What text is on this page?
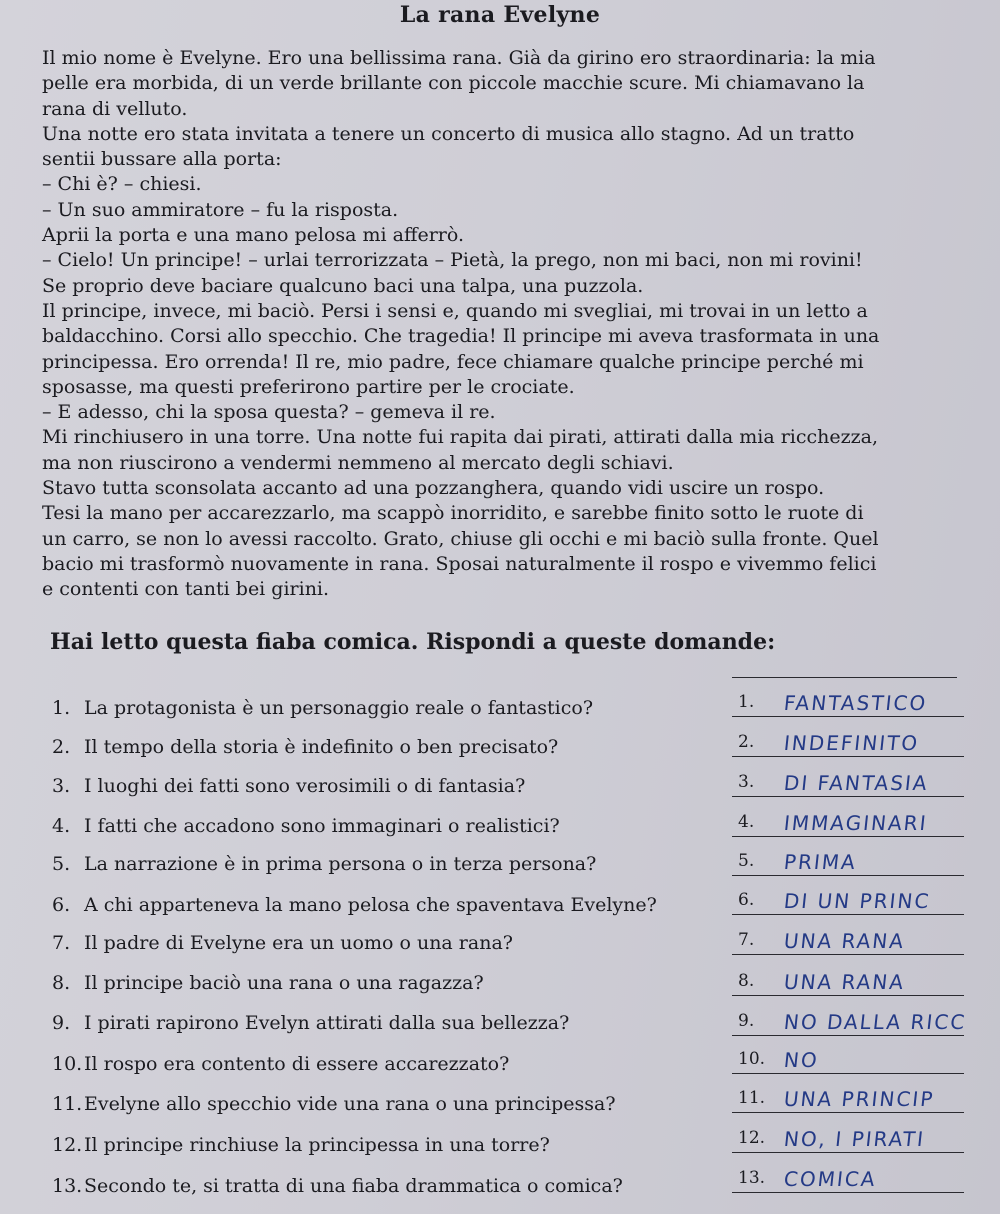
La rana Evelyne
Il mio nome è Evelyne. Ero una bellissima rana. Già da girino ero straordinaria: la mia
pelle era morbida, di un verde brillante con piccole macchie scure. Mi chiamavano la
rana di velluto.
Una notte ero stata invitata a tenere un concerto di musica allo stagno. Ad un tratto
sentii bussare alla porta:
– Chi è? – chiesi.
– Un suo ammiratore – fu la risposta.
Aprii la porta e una mano pelosa mi afferrò.
– Cielo! Un principe! – urlai terrorizzata – Pietà, la prego, non mi baci, non mi rovini!
Se proprio deve baciare qualcuno baci una talpa, una puzzola.
Il principe, invece, mi baciò. Persi i sensi e, quando mi svegliai, mi trovai in un letto a
baldacchino. Corsi allo specchio. Che tragedia! Il principe mi aveva trasformata in una
principessa. Ero orrenda! Il re, mio padre, fece chiamare qualche principe perché mi
sposasse, ma questi preferirono partire per le crociate.
– E adesso, chi la sposa questa? – gemeva il re.
Mi rinchiusero in una torre. Una notte fui rapita dai pirati, attirati dalla mia ricchezza,
ma non riuscirono a vendermi nemmeno al mercato degli schiavi.
Stavo tutta sconsolata accanto ad una pozzanghera, quando vidi uscire un rospo.
Tesi la mano per accarezzarlo, ma scappò inorridito, e sarebbe finito sotto le ruote di
un carro, se non lo avessi raccolto. Grato, chiuse gli occhi e mi baciò sulla fronte. Quel
bacio mi trasformò nuovamente in rana. Sposai naturalmente il rospo e vivemmo felici
e contenti con tanti bei girini.
Hai letto questa fiaba comica. Rispondi a queste domande:
1. La protagonista è un personaggio reale o fantastico?
2. Il tempo della storia è indefinito o ben precisato?
3. I luoghi dei fatti sono verosimili o di fantasia?
4. I fatti che accadono sono immaginari o realistici?
5. La narrazione è in prima persona o in terza persona?
6. A chi apparteneva la mano pelosa che spaventava Evelyne?
7. Il padre di Evelyne era un uomo o una rana?
8. Il principe baciò una rana o una ragazza?
9. I pirati rapirono Evelyn attirati dalla sua bellezza?
10.Il rospo era contento di essere accarezzato?
11.Evelyne allo specchio vide una rana o una principessa?
12.Il principe rinchiuse la principessa in una torre?
13.Secondo te, si tratta di una fiaba drammatica o comica?
1. FANTASTICO
2. INDEFINITO
3. DI FANTASIA
4. IMMAGINARI
5. PRIMA
6. DI UN PRINC
7. UNA RANA
8. UNA RANA
9. NO DALLA RICC
10. NO
11. UNA PRINCIP
12. NO, I PIRATI
13. COMICA
